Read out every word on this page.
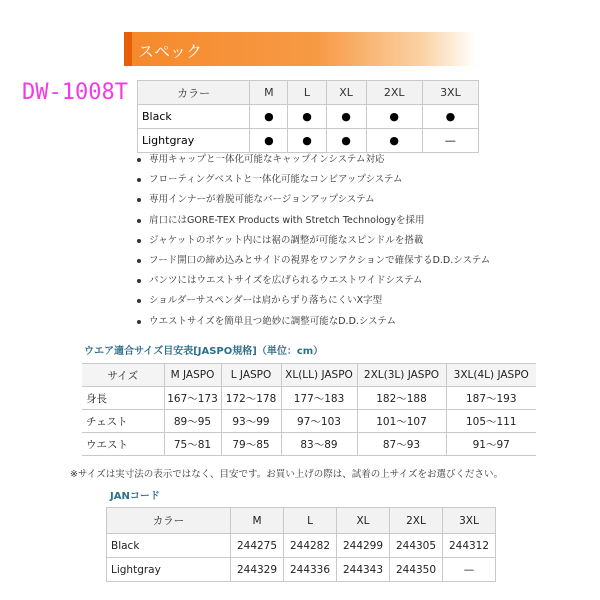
スペック
DW-1008T	カラー	M	L	XL	2XL	3XL
Black	●	●	●	●	●
Lightgray	●	●	●	●	—
専用キャップと一体化可能なキャップインシステム対応
フローティングベストと一体化可能なコンビアップシステム
専用インナーが着脱可能なバージョンアップシステム
肩口にはGORE-TEX Products with Stretch Technologyを採用
ジャケットのポケット内には裾の調整が可能なスピンドルを搭載
フード開口の締め込みとサイドの視界をワンアクションで確保するD.D.システム
パンツにはウエストサイズを広げられるウエストワイドシステム
ショルダーサスペンダーは肩からずり落ちにくいX字型
ウエストサイズを簡単且つ絶妙に調整可能なD.D.システム
ウエア適合サイズ目安表[JASPO規格]（単位：cm）
サイズ	M JASPO	L JASPO	XL(LL) JASPO	2XL(3L) JASPO	3XL(4L) JASPO
身長	167〜173	172〜178	177〜183	182〜188	187〜193
チェスト	89〜95	93〜99	97〜103	101〜107	105〜111
ウエスト	75〜81	79〜85	83〜89	87〜93	91〜97
※サイズは実寸法の表示ではなく、目安です。お買い上げの際は、試着の上サイズをお選びください。
JANコード
カラー	M	L	XL	2XL	3XL
Black	244275	244282	244299	244305	244312
Lightgray	244329	244336	244343	244350	—
